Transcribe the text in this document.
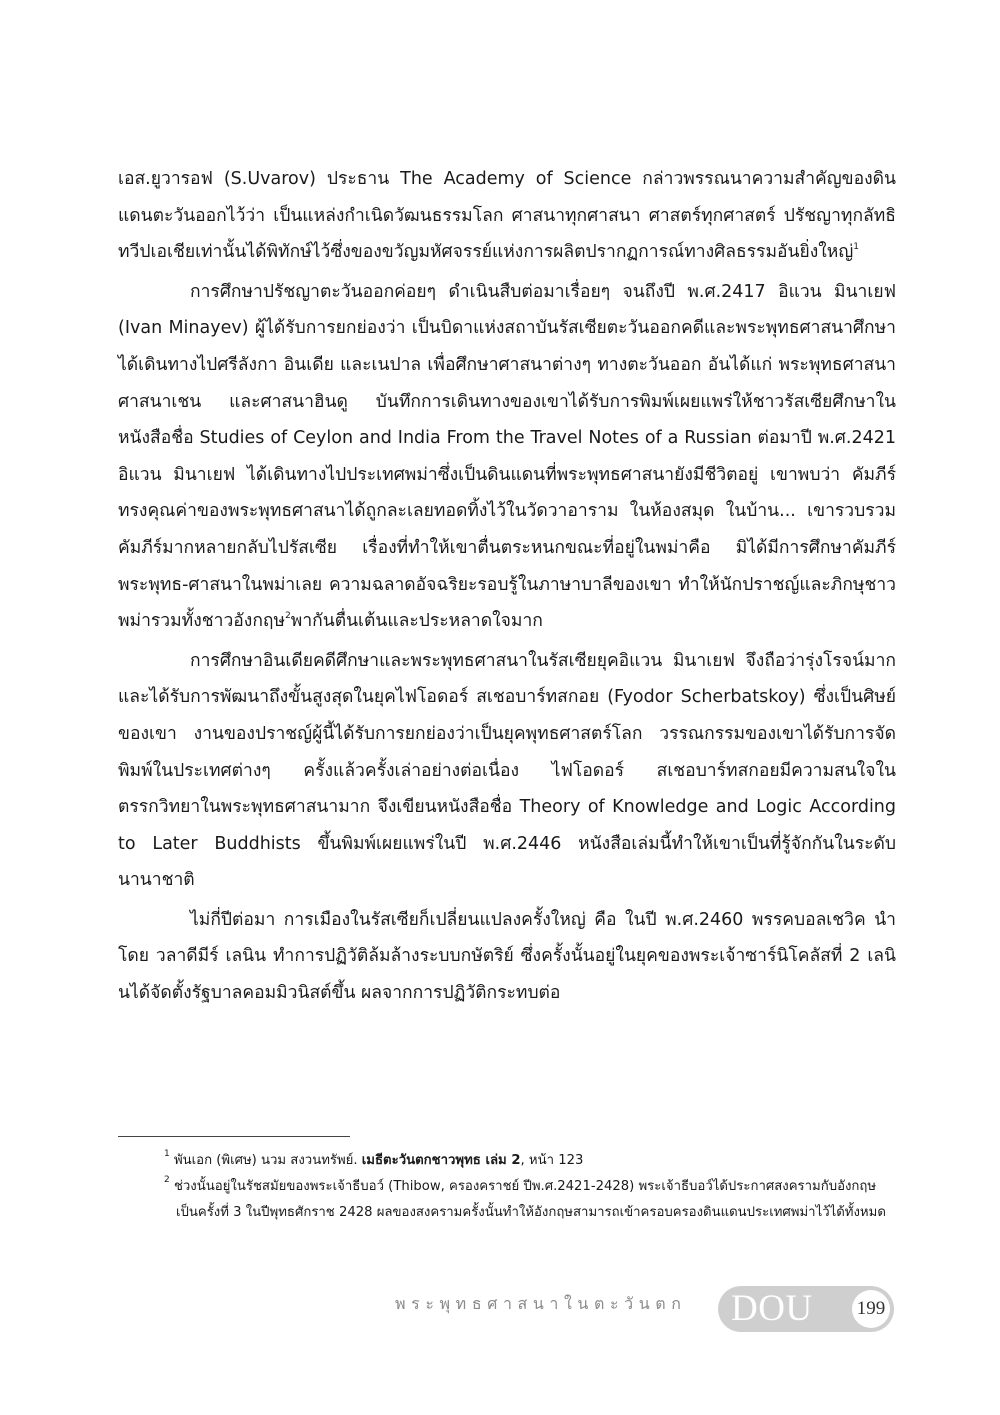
เอส.ยูวารอฟ (S.Uvarov) ประธาน The Academy of Science กล่าวพรรณนาความสำคัญของดินแดนตะวันออกไว้ว่า เป็นแหล่งกำเนิดวัฒนธรรมโลก ศาสนาทุกศาสนา ศาสตร์ทุกศาสตร์ ปรัชญาทุกลัทธิ ทวีปเอเชียเท่านั้นได้พิทักษ์ไว้ซึ่งของขวัญมหัศจรรย์แห่งการผลิตปรากฏการณ์ทางศิลธรรมอันยิ่งใหญ่$^1$

การศึกษาปรัชญาตะวันออกค่อยๆ ดำเนินสืบต่อมาเรื่อยๆ จนถึงปี พ.ศ.2417 อิแวน มินาเยฟ (Ivan Minayev) ผู้ได้รับการยกย่องว่า เป็นบิดาแห่งสถาบันรัสเซียตะวันออกคดีและพระพุทธศาสนาศึกษา ได้เดินทางไปศรีลังกา อินเดีย และเนปาล เพื่อศึกษาศาสนาต่างๆ ทางตะวันออก อันได้แก่ พระพุทธศาสนา ศาสนาเชน และศาสนาฮินดู บันทึกการเดินทางของเขาได้รับการพิมพ์เผยแพร่ให้ชาวรัสเซียศึกษาในหนังสือชื่อ Studies of Ceylon and India From the Travel Notes of a Russian ต่อมาปี พ.ศ.2421 อิแวน มินาเยฟ ได้เดินทางไปประเทศพม่าซึ่งเป็นดินแดนที่พระพุทธศาสนายังมีชีวิตอยู่ เขาพบว่า คัมภีร์ทรงคุณค่าของพระพุทธศาสนาได้ถูกละเลยทอดทิ้งไว้ในวัดวาอาราม ในห้องสมุด ในบ้าน... เขารวบรวมคัมภีร์มากหลายกลับไปรัสเซีย เรื่องที่ทำให้เขาตื่นตระหนกขณะที่อยู่ในพม่าคือ มิได้มีการศึกษาคัมภีร์พระพุทธ-ศาสนาในพม่าเลย ความฉลาดอัจฉริยะรอบรู้ในภาษาบาลีของเขา ทำให้นักปราชญ์และภิกษุชาวพม่ารวมทั้งชาวอังกฤษ$^2$พากันตื่นเต้นและประหลาดใจมาก

การศึกษาอินเดียคดีศึกษาและพระพุทธศาสนาในรัสเซียยุคอิแวน มินาเยฟ จึงถือว่ารุ่งโรจน์มาก และได้รับการพัฒนาถึงขั้นสูงสุดในยุคไฟโอดอร์ สเชอบาร์ทสกอย (Fyodor Scherbatskoy) ซึ่งเป็นศิษย์ของเขา งานของปราชญ์ผู้นี้ได้รับการยกย่องว่าเป็นยุคพุทธศาสตร์โลก วรรณกรรมของเขาได้รับการจัดพิมพ์ในประเทศต่างๆ ครั้งแล้วครั้งเล่าอย่างต่อเนื่อง ไฟโอดอร์ สเชอบาร์ทสกอยมีความสนใจในตรรกวิทยาในพระพุทธศาสนามาก จึงเขียนหนังสือชื่อ Theory of Knowledge and Logic According to Later Buddhists ขึ้นพิมพ์เผยแพร่ในปี พ.ศ.2446 หนังสือเล่มนี้ทำให้เขาเป็นที่รู้จักกันในระดับนานาชาติ

ไม่กี่ปีต่อมา การเมืองในรัสเซียก็เปลี่ยนแปลงครั้งใหญ่ คือ ในปี พ.ศ.2460 พรรคบอลเชวิค นำโดย วลาดีมีร์ เลนิน ทำการปฏิวัติล้มล้างระบบกษัตริย์ ซึ่งครั้งนั้นอยู่ในยุคของพระเจ้าซาร์นิโคลัสที่ 2 เลนินได้จัดตั้งรัฐบาลคอมมิวนิสต์ขึ้น ผลจากการปฏิวัติกระทบต่อ

$^1$ พันเอก (พิเศษ) นวม สงวนทรัพย์. เมธีตะวันตกชาวพุทธ เล่ม 2, หน้า 123

$^2$ ช่วงนั้นอยู่ในรัชสมัยของพระเจ้าธีบอว์ (Thibow, ครองคราชย์ ปีพ.ศ.2421-2428) พระเจ้าธีบอว์ได้ประกาศสงครามกับอังกฤษเป็นครั้งที่ 3 ในปีพุทธศักราช 2428 ผลของสงครามครั้งนั้นทำให้อังกฤษสามารถเข้าครอบครองดินแดนประเทศพม่าไว้ได้ทั้งหมด

พระพุทธศาสนาในตะวันตก DOU 199
